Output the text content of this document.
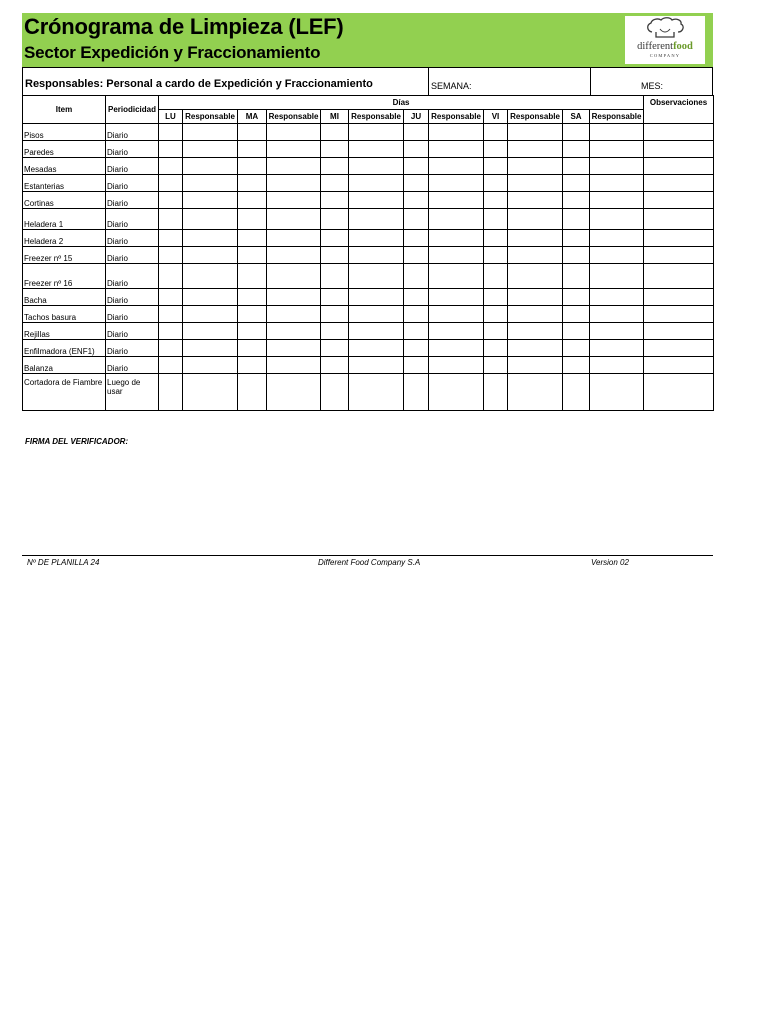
Crónograma de Limpieza (LEF)
Sector Expedición y Fraccionamiento	differentfood
COMPANY
Responsables: Personal a cardo de Expedición y Fraccionamiento	SEMANA:	MES:
Item	Periodicidad	Días												Observaciones
		LU	Responsable	MA	Responsable	MI	Responsable	JU	Responsable	VI	Responsable	SA	Responsable	
Pisos	Diario													
Paredes	Diario													
Mesadas	Diario													
Estanterias	Diario													
Cortinas	Diario													
Heladera 1	Diario													
Heladera 2	Diario													
Freezer nº 15	Diario													
Freezer nº 16	Diario													
Bacha	Diario													
Tachos basura	Diario													
Rejillas	Diario													
Enfilmadora (ENF1)	Diario													
Balanza	Diario													
Cortadora de Fiambre	Luego de usar													
FIRMA DEL VERIFICADOR:
Nº DE PLANILLA 24	Different Food Company S.A	Version 02
